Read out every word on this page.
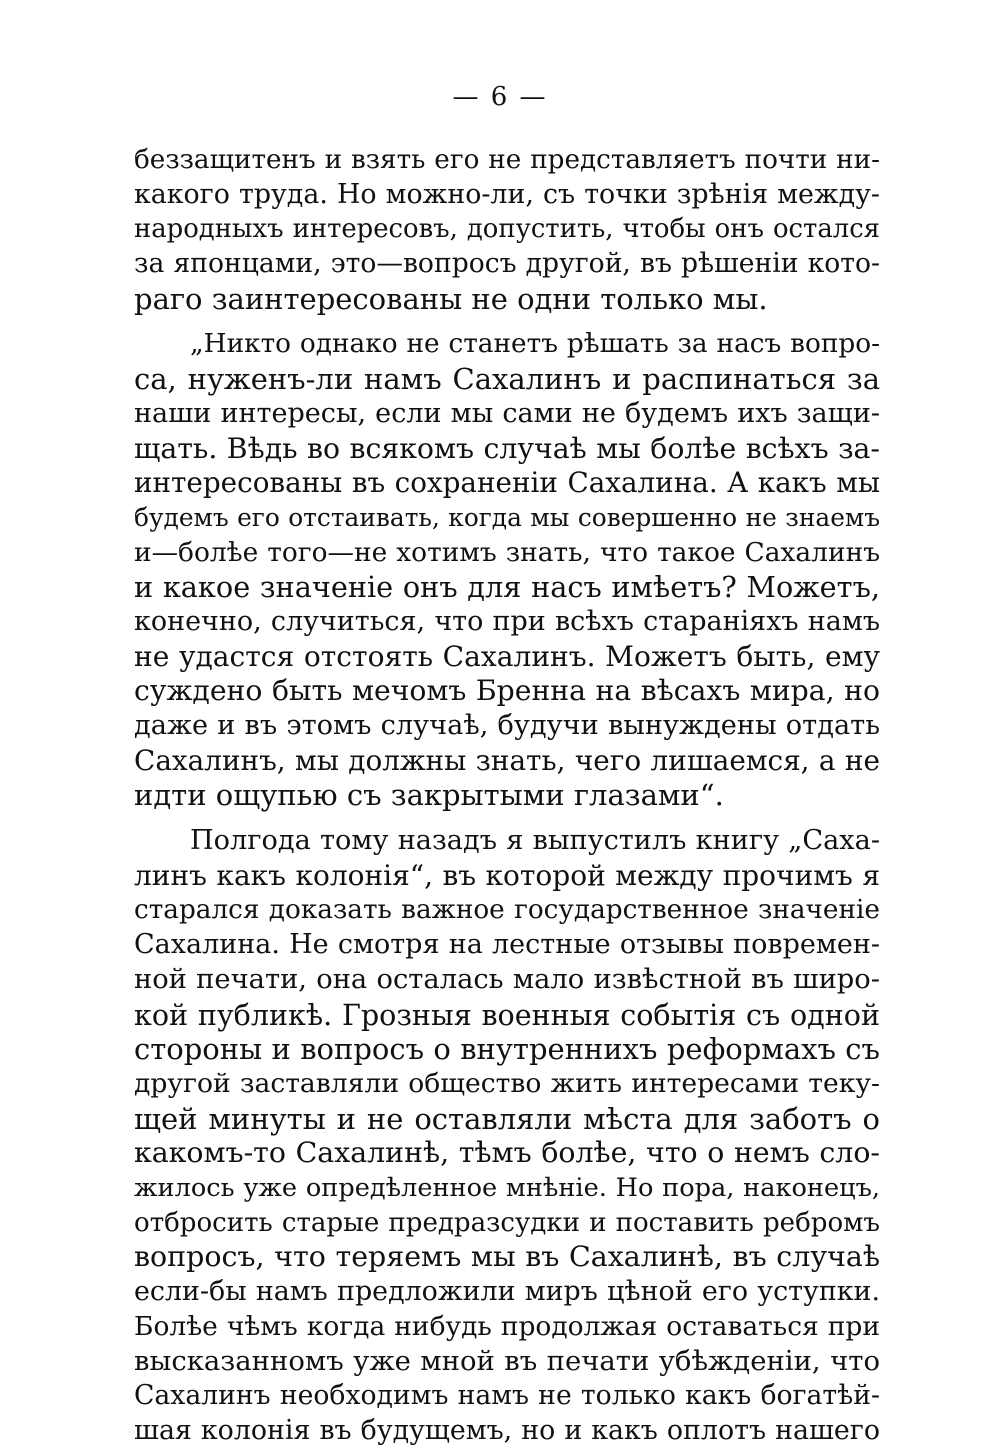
— 6 —

беззащитенъ и взять его не представляетъ почти ни-
какого труда. Но можно-ли, съ точки зрѣнія между-
народныхъ интересовъ, допустить, чтобы онъ остался
за японцами, это—вопросъ другой, въ рѣшеніи кото-
раго заинтересованы не одни только мы.

„Никто однако не станетъ рѣшать за насъ вопро-
са, нуженъ-ли намъ Сахалинъ и распинаться за
наши интересы, если мы сами не будемъ ихъ защи-
щать. Вѣдь во всякомъ случаѣ мы болѣе всѣхъ за-
интересованы въ сохраненіи Сахалина. А какъ мы
будемъ его отстаивать, когда мы совершенно не знаемъ
и—болѣе того—не хотимъ знать, что такое Сахалинъ
и какое значеніе онъ для насъ имѣетъ? Можетъ,
конечно, случиться, что при всѣхъ стараніяхъ намъ
не удастся отстоять Сахалинъ. Можетъ быть, ему
суждено быть мечомъ Бренна на вѣсахъ мира, но
даже и въ этомъ случаѣ, будучи вынуждены отдать
Сахалинъ, мы должны знать, чего лишаемся, а не
идти ощупью съ закрытыми глазами“.

Полгода тому назадъ я выпустилъ книгу „Саха-
линъ какъ колонія“, въ которой между прочимъ я
старался доказать важное государственное значеніе
Сахалина. Не смотря на лестные отзывы повремен-
ной печати, она осталась мало извѣстной въ широ-
кой публикѣ. Грозныя военныя событія съ одной
стороны и вопросъ о внутреннихъ реформахъ съ
другой заставляли общество жить интересами теку-
щей минуты и не оставляли мѣста для заботъ о
какомъ-то Сахалинѣ, тѣмъ болѣе, что о немъ сло-
жилось уже опредѣленное мнѣніе. Но пора, наконецъ,
отбросить старые предразсудки и поставить ребромъ
вопросъ, что теряемъ мы въ Сахалинѣ, въ случаѣ
если-бы намъ предложили миръ цѣной его уступки.
Болѣе чѣмъ когда нибудь продолжая оставаться при
высказанномъ уже мной въ печати убѣжденіи, что
Сахалинъ необходимъ намъ не только какъ богатѣй-
шая колонія въ будущемъ, но и какъ оплотъ нашего
